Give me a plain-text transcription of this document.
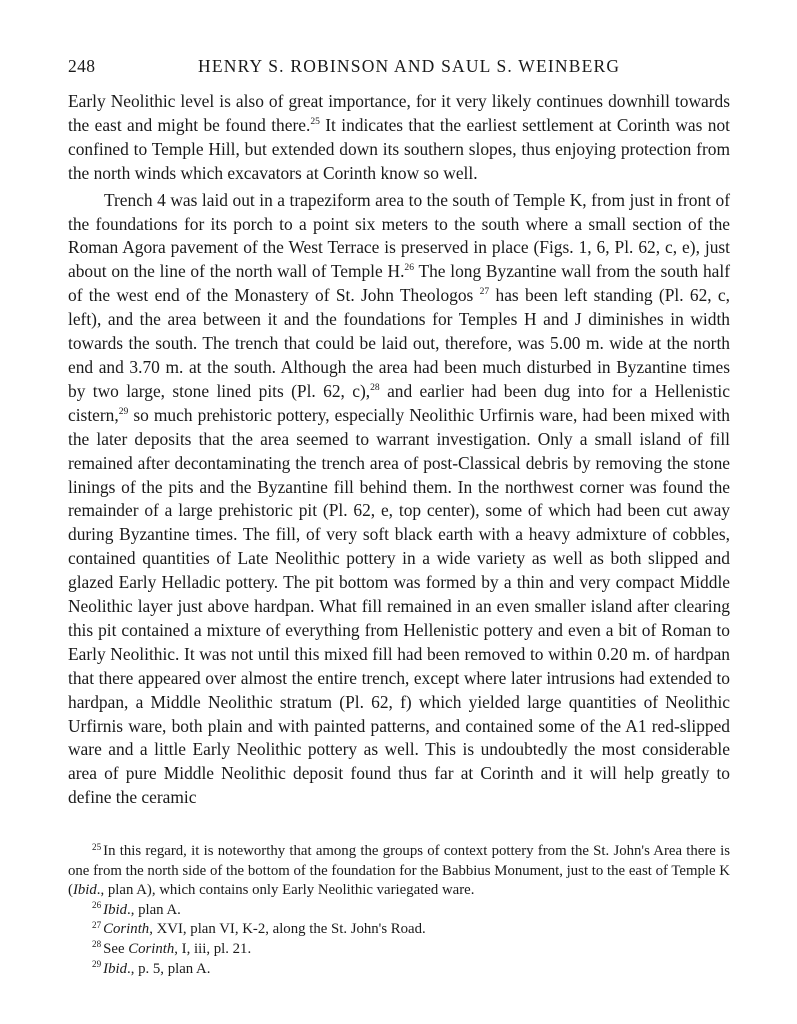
248	HENRY S. ROBINSON AND SAUL S. WEINBERG

Early Neolithic level is also of great importance, for it very likely continues downhill towards the east and might be found there.$^{25}$ It indicates that the earliest settlement at Corinth was not confined to Temple Hill, but extended down its southern slopes, thus enjoying protection from the north winds which excavators at Corinth know so well.

Trench 4 was laid out in a trapeziform area to the south of Temple K, from just in front of the foundations for its porch to a point six meters to the south where a small section of the Roman Agora pavement of the West Terrace is preserved in place (Figs. 1, 6, Pl. 62, c, e), just about on the line of the north wall of Temple H.$^{26}$ The long Byzantine wall from the south half of the west end of the Monastery of St. John Theologos $^{27}$ has been left standing (Pl. 62, c, left), and the area between it and the foundations for Temples H and J diminishes in width towards the south. The trench that could be laid out, therefore, was 5.00 m. wide at the north end and 3.70 m. at the south. Although the area had been much disturbed in Byzantine times by two large, stone lined pits (Pl. 62, c),$^{28}$ and earlier had been dug into for a Hellenistic cistern,$^{29}$ so much prehistoric pottery, especially Neolithic Urfirnis ware, had been mixed with the later deposits that the area seemed to warrant investigation. Only a small island of fill remained after decontaminating the trench area of post-Classical debris by removing the stone linings of the pits and the Byzantine fill behind them. In the northwest corner was found the remainder of a large prehistoric pit (Pl. 62, e, top center), some of which had been cut away during Byzantine times. The fill, of very soft black earth with a heavy admixture of cobbles, contained quantities of Late Neolithic pottery in a wide variety as well as both slipped and glazed Early Helladic pottery. The pit bottom was formed by a thin and very compact Middle Neolithic layer just above hardpan. What fill remained in an even smaller island after clearing this pit contained a mixture of everything from Hellenistic pottery and even a bit of Roman to Early Neolithic. It was not until this mixed fill had been removed to within 0.20 m. of hardpan that there appeared over almost the entire trench, except where later intrusions had extended to hardpan, a Middle Neolithic stratum (Pl. 62, f) which yielded large quantities of Neolithic Urfirnis ware, both plain and with painted patterns, and contained some of the A1 red-slipped ware and a little Early Neolithic pottery as well. This is undoubtedly the most considerable area of pure Middle Neolithic deposit found thus far at Corinth and it will help greatly to define the ceramic

$^{25}$ In this regard, it is noteworthy that among the groups of context pottery from the St. John's Area there is one from the north side of the bottom of the foundation for the Babbius Monument, just to the east of Temple K (Ibid., plan A), which contains only Early Neolithic variegated ware.

$^{26}$ Ibid., plan A.

$^{27}$ Corinth, XVI, plan VI, K-2, along the St. John's Road.

$^{28}$ See Corinth, I, iii, pl. 21.

$^{29}$ Ibid., p. 5, plan A.
